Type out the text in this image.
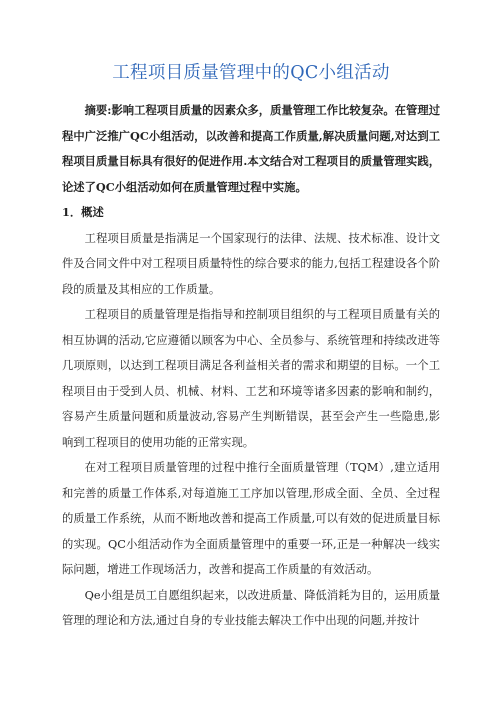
工程项目质量管理中的QC小组活动

摘要:影响工程项目质量的因素众多，质量管理工作比较复杂。在管理过程中广泛推广QC小组活动，以改善和提高工作质量,解决质量问题,对达到工程项目质量目标具有很好的促进作用.本文结合对工程项目的质量管理实践，论述了QC小组活动如何在质量管理过程中实施。

1．概述

工程项目质量是指满足一个国家现行的法律、法规、技术标准、设计文件及合同文件中对工程项目质量特性的综合要求的能力,包括工程建设各个阶段的质量及其相应的工作质量。

工程项目的质量管理是指指导和控制项目组织的与工程项目质量有关的相互协调的活动,它应遵循以顾客为中心、全员参与、系统管理和持续改进等几项原则，以达到工程项目满足各利益相关者的需求和期望的目标。一个工程项目由于受到人员、机械、材料、工艺和环境等诸多因素的影响和制约，容易产生质量问题和质量波动,容易产生判断错误，甚至会产生一些隐患,影响到工程项目的使用功能的正常实现。

在对工程项目质量管理的过程中推行全面质量管理（TQM）,建立适用和完善的质量工作体系,对每道施工工序加以管理,形成全面、全员、全过程的质量工作系统，从而不断地改善和提高工作质量,可以有效的促进质量目标的实现。QC小组活动作为全面质量管理中的重要一环,正是一种解决一线实际问题，增进工作现场活力，改善和提高工作质量的有效活动。

Qe小组是员工自愿组织起来，以改进质量、降低消耗为目的，运用质量管理的理论和方法,通过自身的专业技能去解决工作中出现的问题,并按计
